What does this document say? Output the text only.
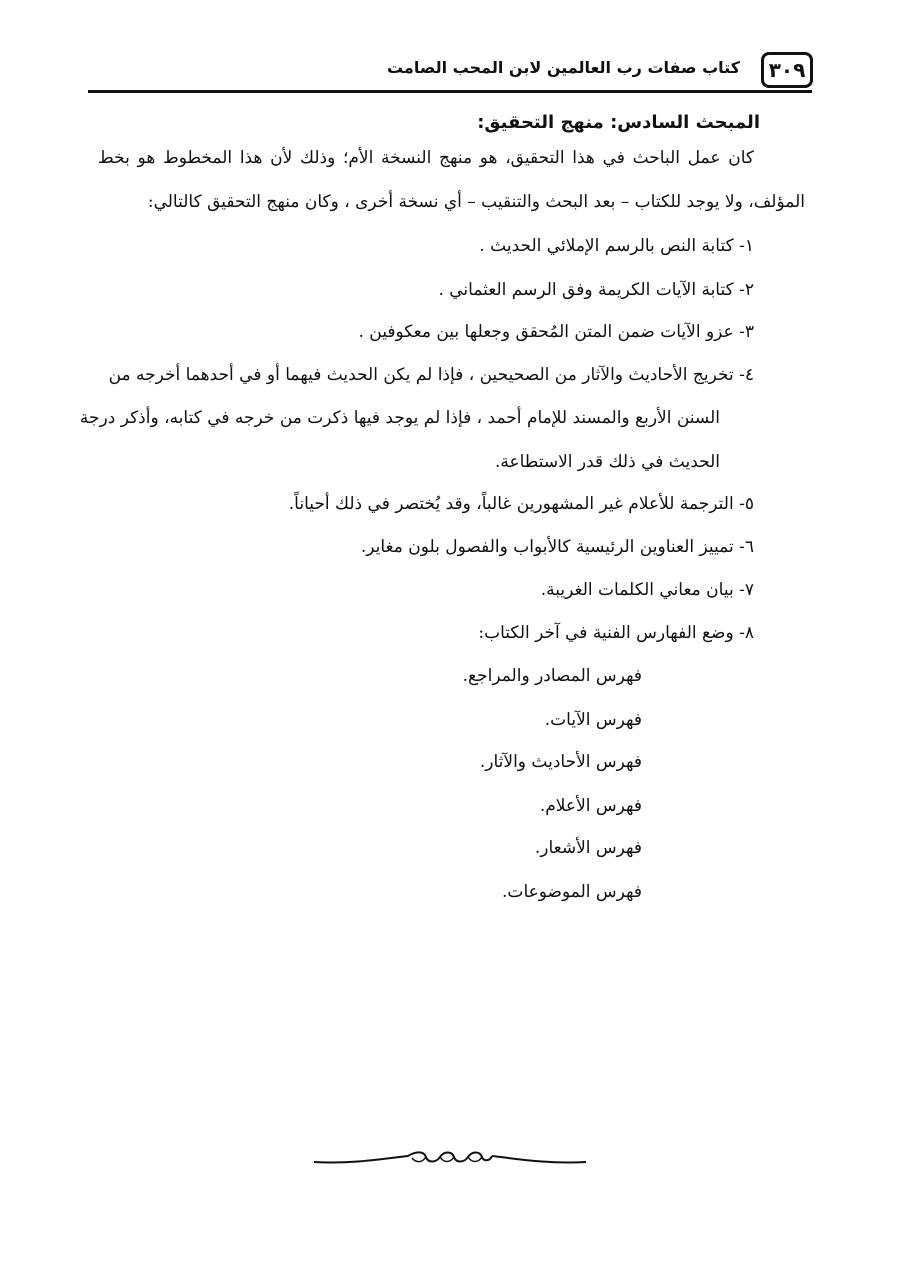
٣٠٩
كتاب صفات رب العالمين لابن المحب الصامت
المبحث السادس: منهج التحقيق:
كان
عمل
الباحث
في
هذا
التحقيق،
هو
منهج
النسخة
الأم؛
وذلك
لأن
هذا
المخطوط
هو
بخط
المؤلف، ولا يوجد للكتاب – بعد البحث والتنقيب – أي نسخة أخرى ، وكان منهج التحقيق كالتالي:
١- كتابة النص بالرسم الإملائي الحديث .
٢- كتابة الآيات الكريمة وفق الرسم العثماني .
٣- عزو الآيات ضمن المتن المُحقق وجعلها بين معكوفين .
٤- تخريج الأحاديث والآثار من الصحيحين ، فإذا لم يكن الحديث فيهما أو في أحدهما أخرجه من
السنن الأربع والمسند للإمام أحمد ، فإذا لم يوجد فيها ذكرت من خرجه في كتابه، وأذكر درجة
الحديث في ذلك قدر الاستطاعة.
٥- الترجمة للأعلام غير المشهورين غالباً، وقد يُختصر في ذلك أحياناً.
٦- تمييز العناوين الرئيسية كالأبواب والفصول بلون مغاير.
٧- بيان معاني الكلمات الغريبة.
٨- وضع الفهارس الفنية في آخر الكتاب:
فهرس المصادر والمراجع.
فهرس الآيات.
فهرس الأحاديث والآثار.
فهرس الأعلام.
فهرس الأشعار.
فهرس الموضوعات.
